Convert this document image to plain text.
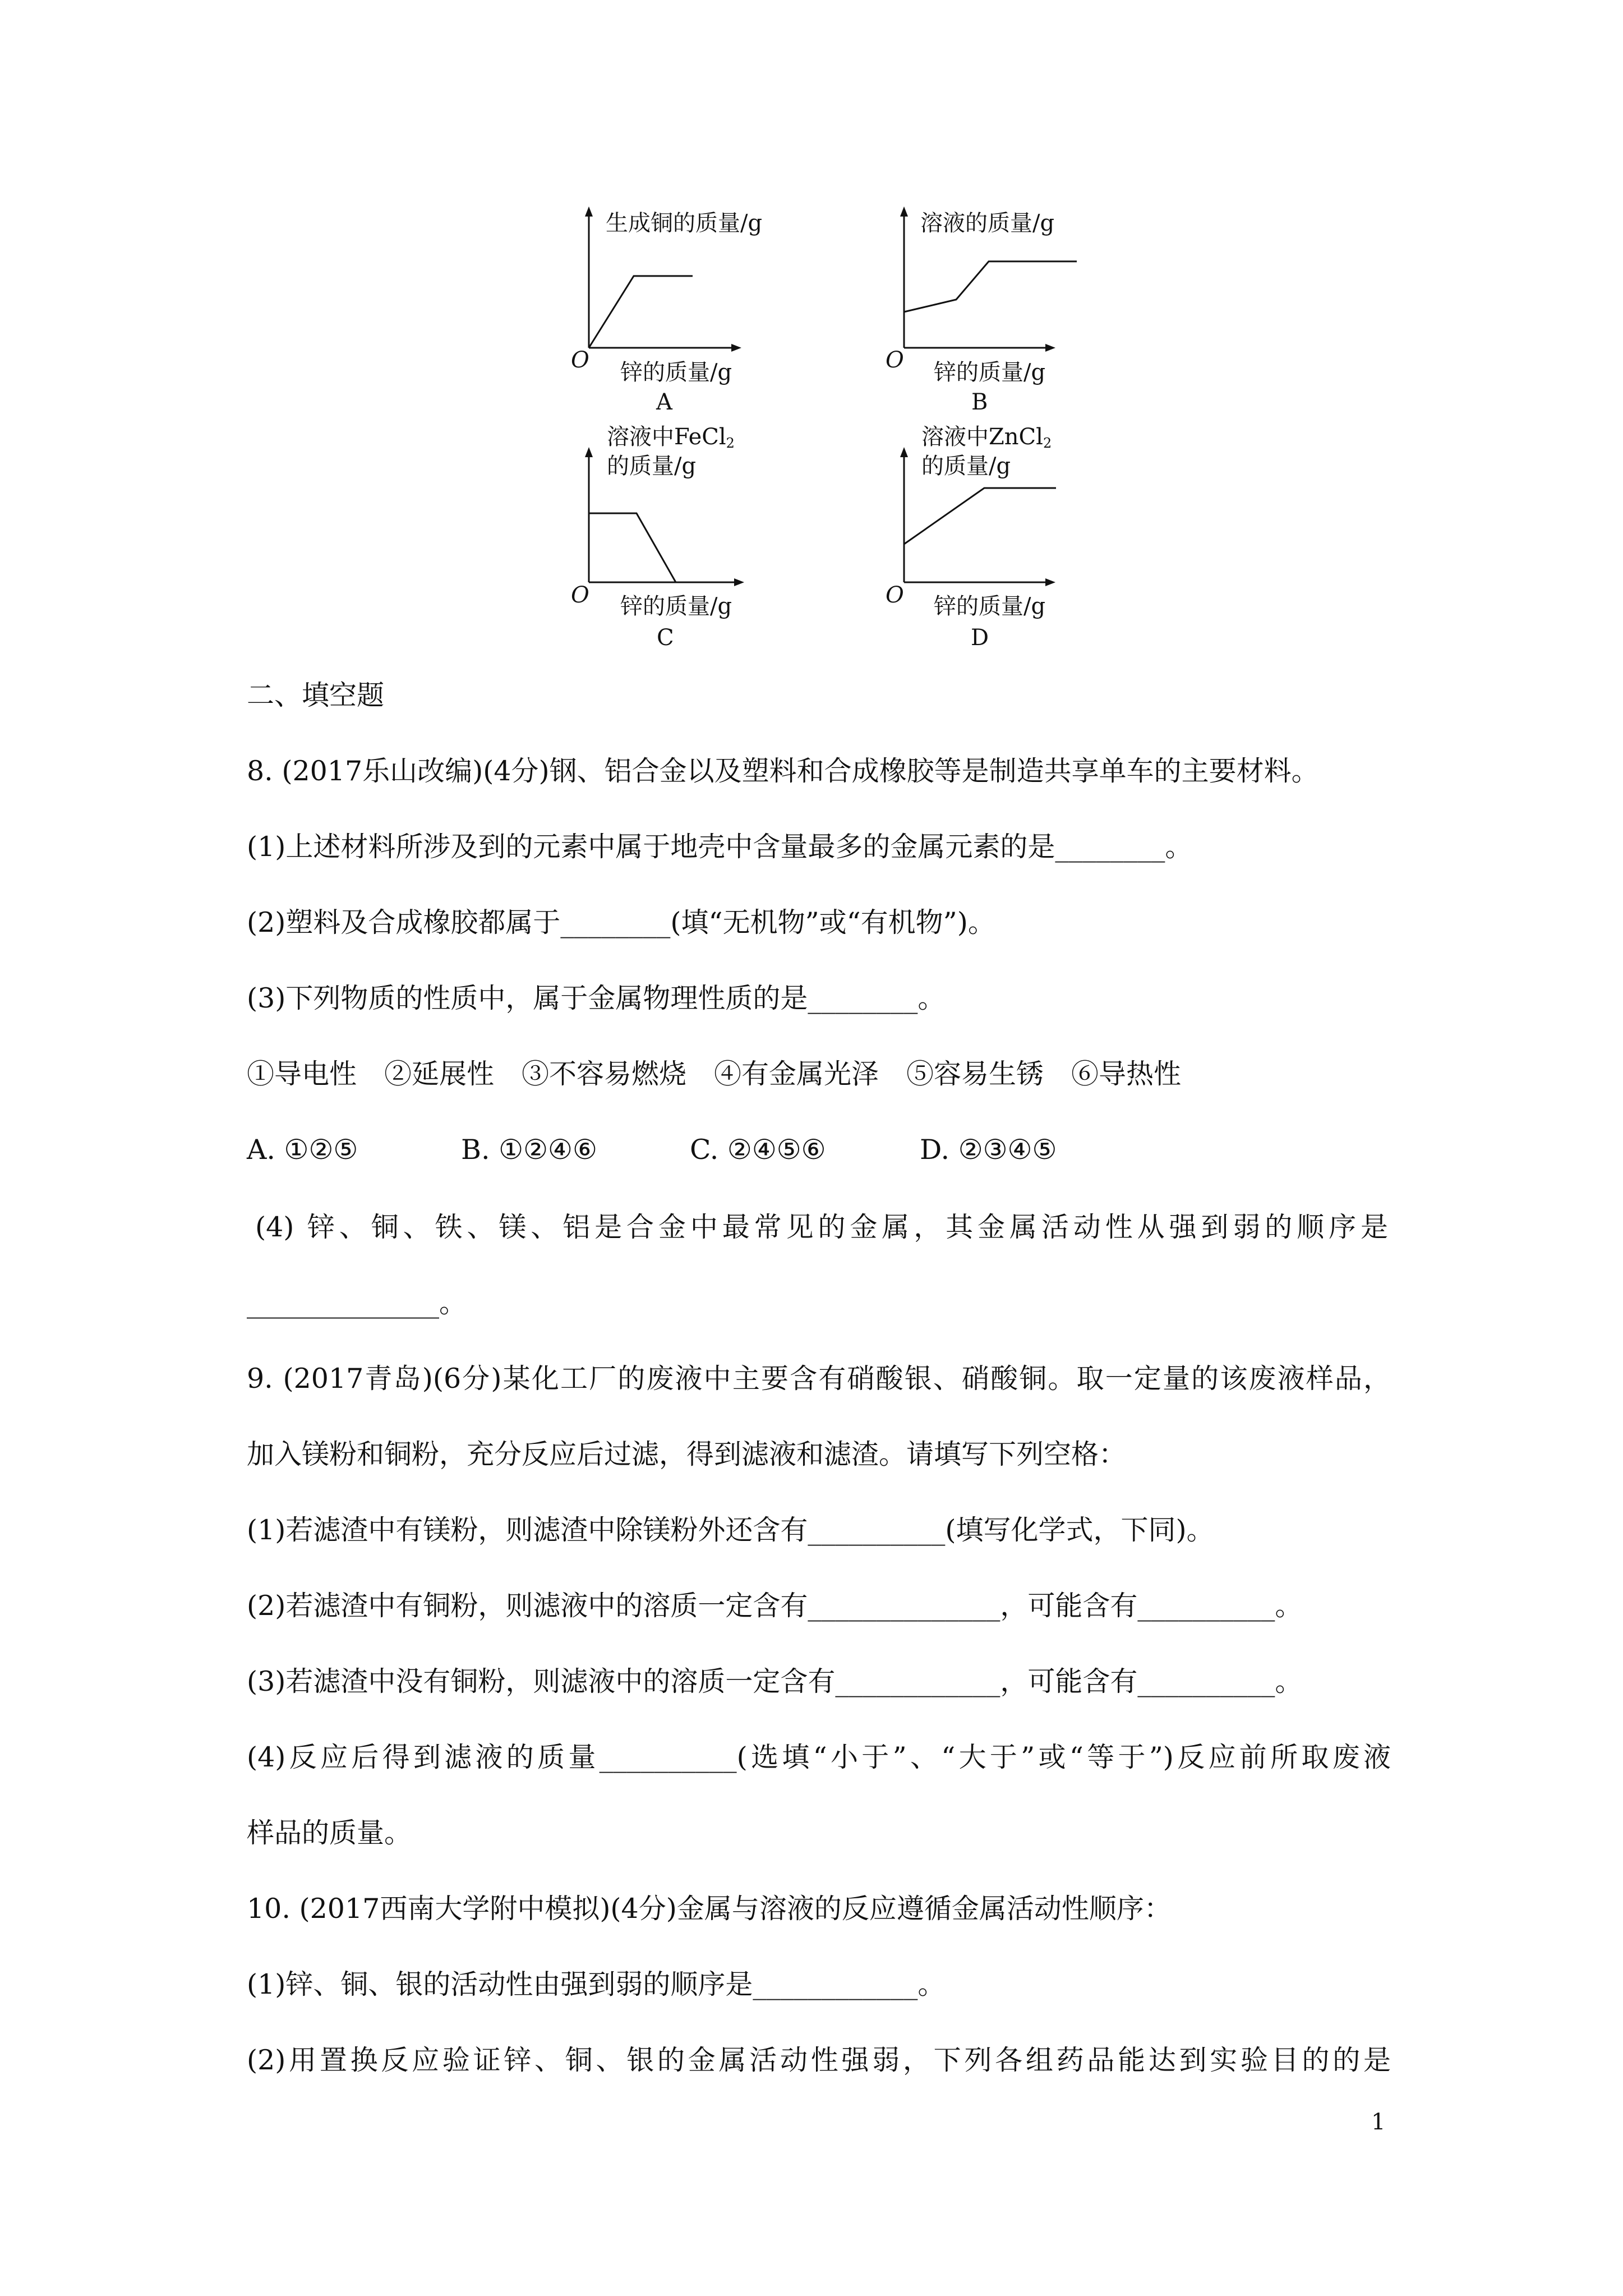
生成铜的质量/g
O 锌的质量/g
A
溶液的质量/g
O 锌的质量/g
B
溶液中FeCl$_2$
的质量/g
O 锌的质量/g
C
溶液中ZnCl$_2$
的质量/g
O 锌的质量/g
D
二、填空题
8. (2017乐山改编)(4分)钢、铝合金以及塑料和合成橡胶等是制造共享单车的主要材料。
(1)上述材料所涉及到的元素中属于地壳中含量最多的金属元素的是________。
(2)塑料及合成橡胶都属于________(填“无机物”或“有机物”)。
(3)下列物质的性质中，属于金属物理性质的是________。
①导电性　②延展性　③不容易燃烧　④有金属光泽　⑤容易生锈　⑥导热性
A. ①②⑤	B. ①②④⑥	C. ②④⑤⑥	D. ②③④⑤
(4) 锌、铜、铁、镁、铝是合金中最常见的金属，其金属活动性从强到弱的顺序是
______________。
9. (2017青岛)(6分)某化工厂的废液中主要含有硝酸银、硝酸铜。取一定量的该废液样品，
加入镁粉和铜粉，充分反应后过滤，得到滤液和滤渣。请填写下列空格：
(1)若滤渣中有镁粉，则滤渣中除镁粉外还含有__________(填写化学式，下同)。
(2)若滤渣中有铜粉，则滤液中的溶质一定含有______________，可能含有__________。
(3)若滤渣中没有铜粉，则滤液中的溶质一定含有____________，可能含有__________。
(4)反应后得到滤液的质量__________(选填“小于”、“大于”或“等于”)反应前所取废液
样品的质量。
10. (2017西南大学附中模拟)(4分)金属与溶液的反应遵循金属活动性顺序：
(1)锌、铜、银的活动性由强到弱的顺序是____________。
(2)用置换反应验证锌、铜、银的金属活动性强弱，下列各组药品能达到实验目的的是
1
